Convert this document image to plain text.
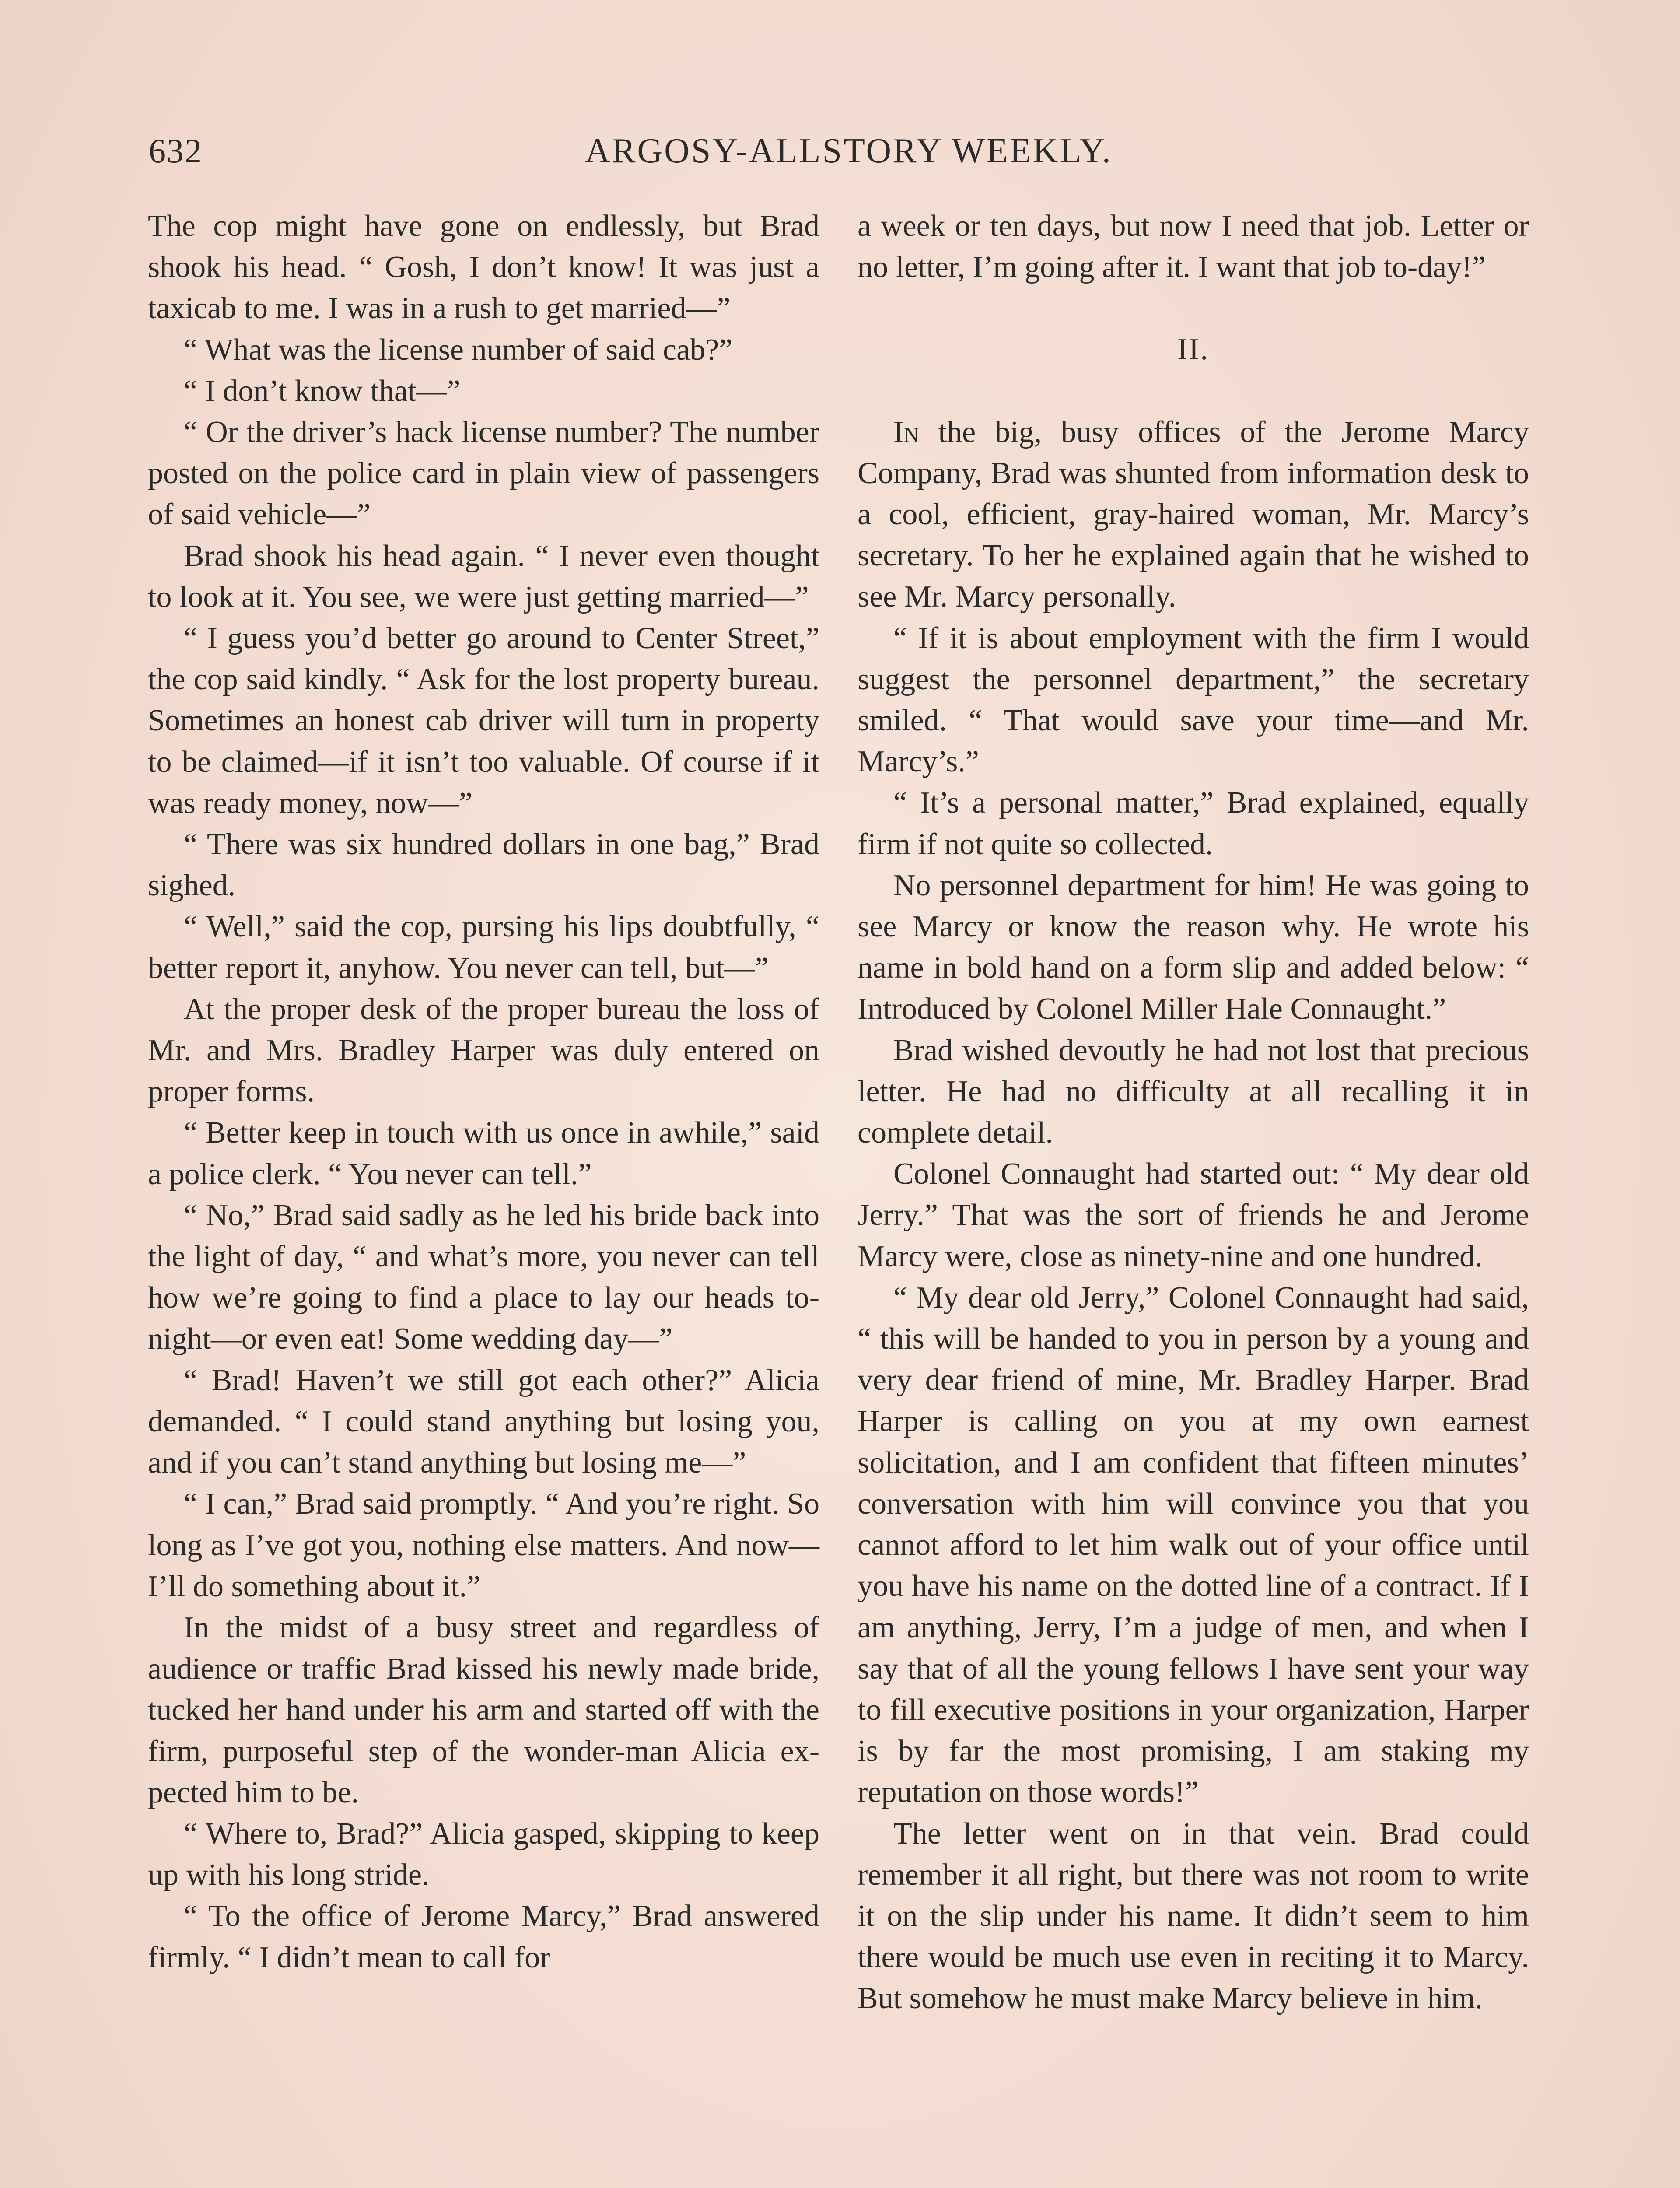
632	ARGOSY-ALLSTORY WEEKLY.

The cop might have gone on endlessly, but Brad shook his head. “ Gosh, I don’t know! It was just a taxicab to me. I was in a rush to get married—”

“ What was the license number of said cab?”

“ I don’t know that—”

“ Or the driver’s hack license number? The number posted on the police card in plain view of passengers of said vehicle—”

Brad shook his head again. “ I never even thought to look at it. You see, we were just getting married—”

“ I guess you’d better go around to Center Street,” the cop said kindly. “ Ask for the lost property bureau. Sometimes an honest cab driver will turn in property to be claimed—if it isn’t too valuable. Of course if it was ready money, now—”

“ There was six hundred dollars in one bag,” Brad sighed.

“ Well,” said the cop, pursing his lips doubtfully, “ better report it, anyhow. You never can tell, but—”

At the proper desk of the proper bureau the loss of Mr. and Mrs. Bradley Harper was duly entered on proper forms.

“ Better keep in touch with us once in awhile,” said a police clerk. “ You never can tell.”

“ No,” Brad said sadly as he led his bride back into the light of day, “ and what’s more, you never can tell how we’re going to find a place to lay our heads tonight—or even eat! Some wedding day—”

“ Brad! Haven’t we still got each other?” Alicia demanded. “ I could stand anything but losing you, and if you can’t stand anything but losing me—”

“ I can,” Brad said promptly. “ And you’re right. So long as I’ve got you, nothing else matters. And now—I’ll do something about it.”

In the midst of a busy street and regardless of audience or traffic Brad kissed his newly made bride, tucked her hand under his arm and started off with the firm, purposeful step of the wonder-man Alicia expected him to be.

“ Where to, Brad?” Alicia gasped, skipping to keep up with his long stride.

“ To the office of Jerome Marcy,” Brad answered firmly. “ I didn’t mean to call for

a week or ten days, but now I need that job. Letter or no letter, I’m going after it. I want that job to-day!”

II.

In the big, busy offices of the Jerome Marcy Company, Brad was shunted from information desk to a cool, efficient, gray-haired woman, Mr. Marcy’s secretary. To her he explained again that he wished to see Mr. Marcy personally.

“ If it is about employment with the firm I would suggest the personnel department,” the secretary smiled. “ That would save your time—and Mr. Marcy’s.”

“ It’s a personal matter,” Brad explained, equally firm if not quite so collected.

No personnel department for him! He was going to see Marcy or know the reason why. He wrote his name in bold hand on a form slip and added below: “ Introduced by Colonel Miller Hale Connaught.”

Brad wished devoutly he had not lost that precious letter. He had no difficulty at all recalling it in complete detail.

Colonel Connaught had started out: “ My dear old Jerry.” That was the sort of friends he and Jerome Marcy were, close as ninety-nine and one hundred.

“ My dear old Jerry,” Colonel Connaught had said, “ this will be handed to you in person by a young and very dear friend of mine, Mr. Bradley Harper. Brad Harper is calling on you at my own earnest solicitation, and I am confident that fifteen minutes’ conversation with him will convince you that you cannot afford to let him walk out of your office until you have his name on the dotted line of a contract. If I am anything, Jerry, I’m a judge of men, and when I say that of all the young fellows I have sent your way to fill executive positions in your organization, Harper is by far the most promising, I am staking my reputation on those words!”

The letter went on in that vein. Brad could remember it all right, but there was not room to write it on the slip under his name. It didn’t seem to him there would be much use even in reciting it to Marcy. But somehow he must make Marcy believe in him.
